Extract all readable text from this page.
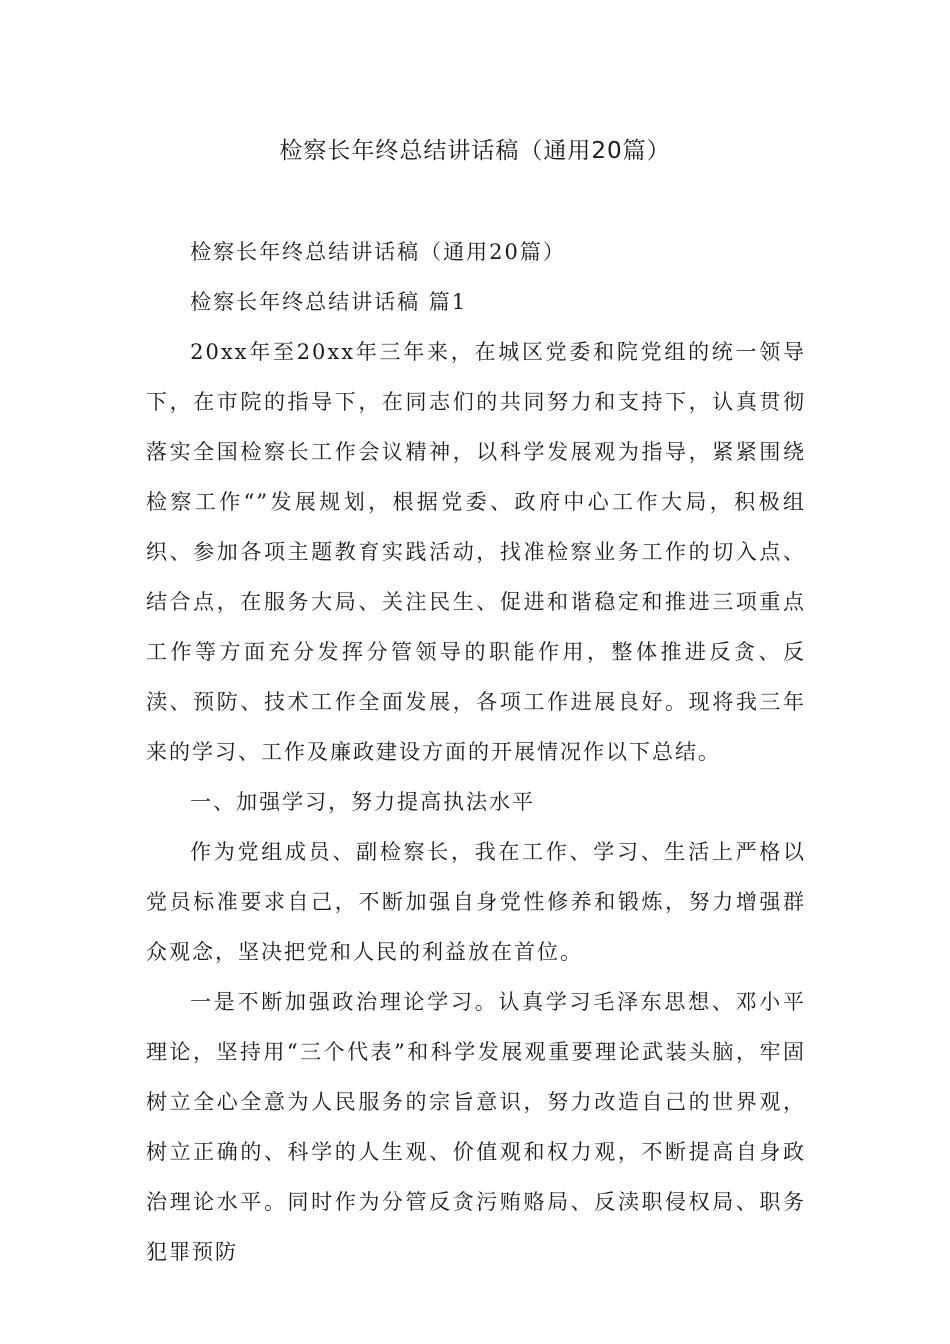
检察长年终总结讲话稿（通用20篇）

检察长年终总结讲话稿（通用20篇）

检察长年终总结讲话稿 篇1

20xx年至20xx年三年来，在城区党委和院党组的统一领导下，在市院的指导下，在同志们的共同努力和支持下，认真贯彻落实全国检察长工作会议精神，以科学发展观为指导，紧紧围绕检察工作“”发展规划，根据党委、政府中心工作大局，积极组织、参加各项主题教育实践活动，找准检察业务工作的切入点、结合点，在服务大局、关注民生、促进和谐稳定和推进三项重点工作等方面充分发挥分管领导的职能作用，整体推进反贪、反渎、预防、技术工作全面发展，各项工作进展良好。现将我三年来的学习、工作及廉政建设方面的开展情况作以下总结。

一、加强学习，努力提高执法水平

作为党组成员、副检察长，我在工作、学习、生活上严格以党员标准要求自己，不断加强自身党性修养和锻炼，努力增强群众观念，坚决把党和人民的利益放在首位。

一是不断加强政治理论学习。认真学习毛泽东思想、邓小平理论，坚持用“三个代表”和科学发展观重要理论武装头脑，牢固树立全心全意为人民服务的宗旨意识，努力改造自己的世界观，树立正确的、科学的人生观、价值观和权力观，不断提高自身政治理论水平。同时作为分管反贪污贿赂局、反渎职侵权局、职务犯罪预防
